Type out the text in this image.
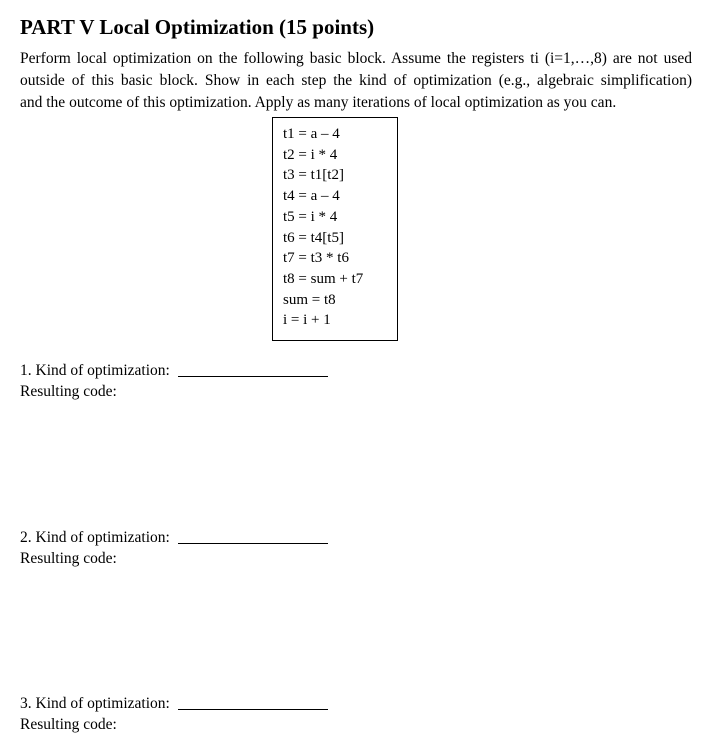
PART V Local Optimization (15 points)
Perform local optimization on the following basic block. Assume the registers ti (i=1,…,8) are not used
outside of this basic block. Show in each step the kind of optimization (e.g., algebraic simplification)
and the outcome of this optimization. Apply as many iterations of local optimization as you can.
t1 = a – 4
t2 = i * 4
t3 = t1[t2]
t4 = a – 4
t5 = i * 4
t6 = t4[t5]
t7 = t3 * t6
t8 = sum + t7
sum = t8
i = i + 1
1. Kind of optimization:
Resulting code:
2. Kind of optimization:
Resulting code:
3. Kind of optimization:
Resulting code:
